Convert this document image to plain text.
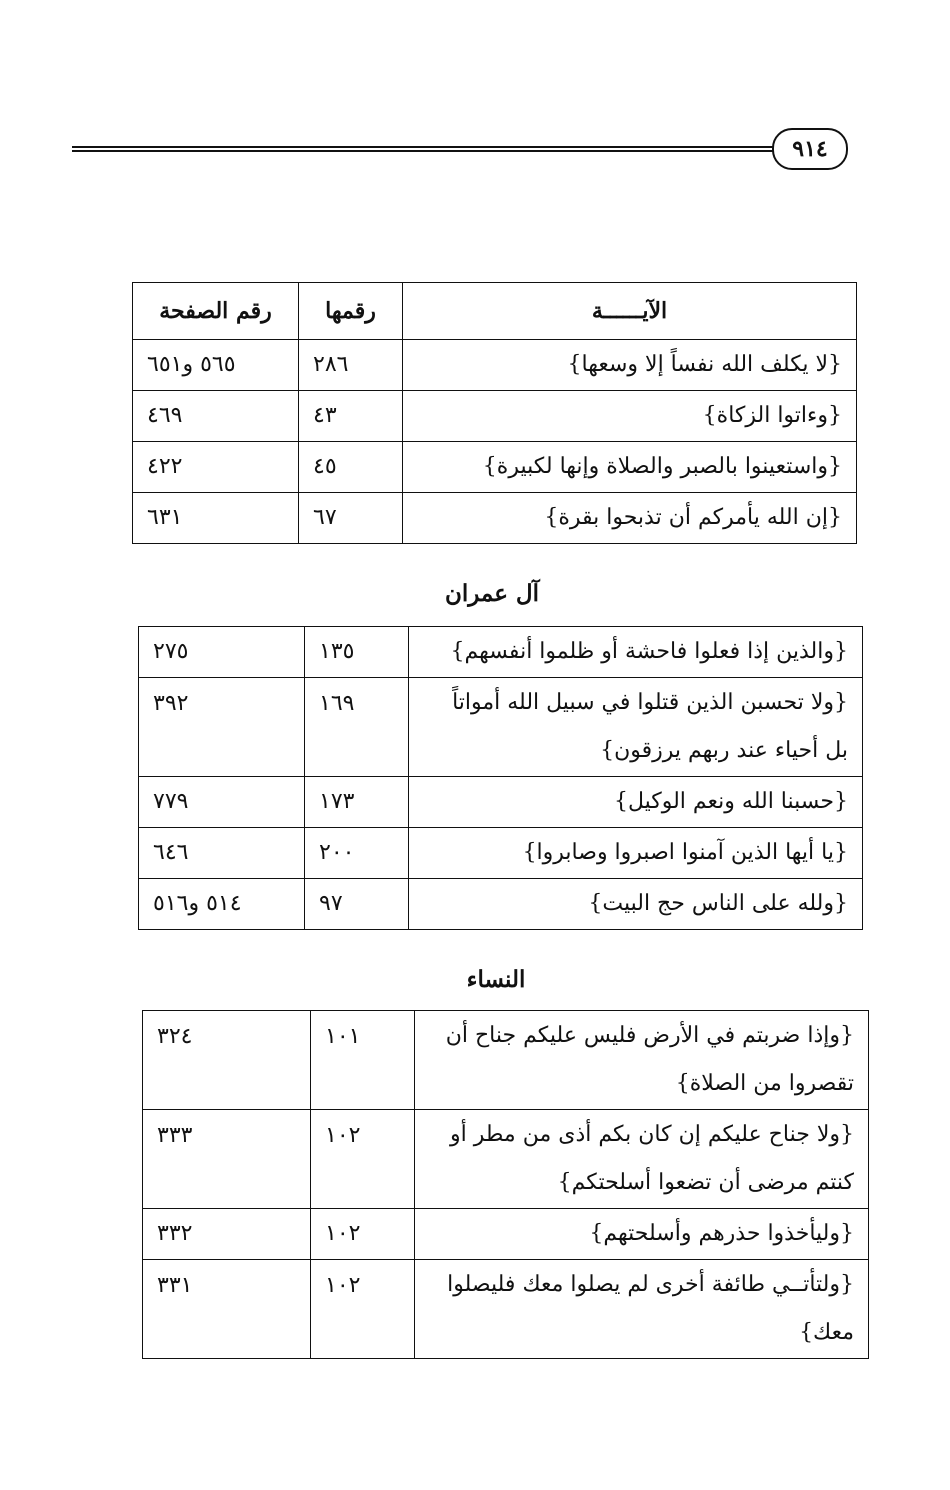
٩١٤
الآيــــــة	رقمها	رقم الصفحة
{لا يكلف الله نفساً إلا وسعها}	٢٨٦	٥٦٥ و٦٥١
{وءاتوا الزكاة}	٤٣	٤٦٩
{واستعينوا بالصبر والصلاة وإنها لكبيرة}	٤٥	٤٢٢
{إن الله يأمركم أن تذبحوا بقرة}	٦٧	٦٣١
آل عمران
{والذين إذا فعلوا فاحشة أو ظلموا أنفسهم}	١٣٥	٢٧٥
{ولا تحسبن الذين قتلوا في سبيل الله أمواتاً بل أحياء عند ربهم يرزقون}	١٦٩	٣٩٢
{حسبنا الله ونعم الوكيل}	١٧٣	٧٧٩
{يا أيها الذين آمنوا اصبروا وصابروا}	٢٠٠	٦٤٦
{ولله على الناس حج البيت}	٩٧	٥١٤ و٥١٦
النساء
{وإذا ضربتم في الأرض فليس عليكم جناح أن تقصروا من الصلاة}	١٠١	٣٢٤
{ولا جناح عليكم إن كان بكم أذى من مطر أو كنتم مرضى أن تضعوا أسلحتكم}	١٠٢	٣٣٣
{وليأخذوا حذرهم وأسلحتهم}	١٠٢	٣٣٢
{ولتأتــي طائفة أخرى لم يصلوا معك فليصلوا معك}	١٠٢	٣٣١
